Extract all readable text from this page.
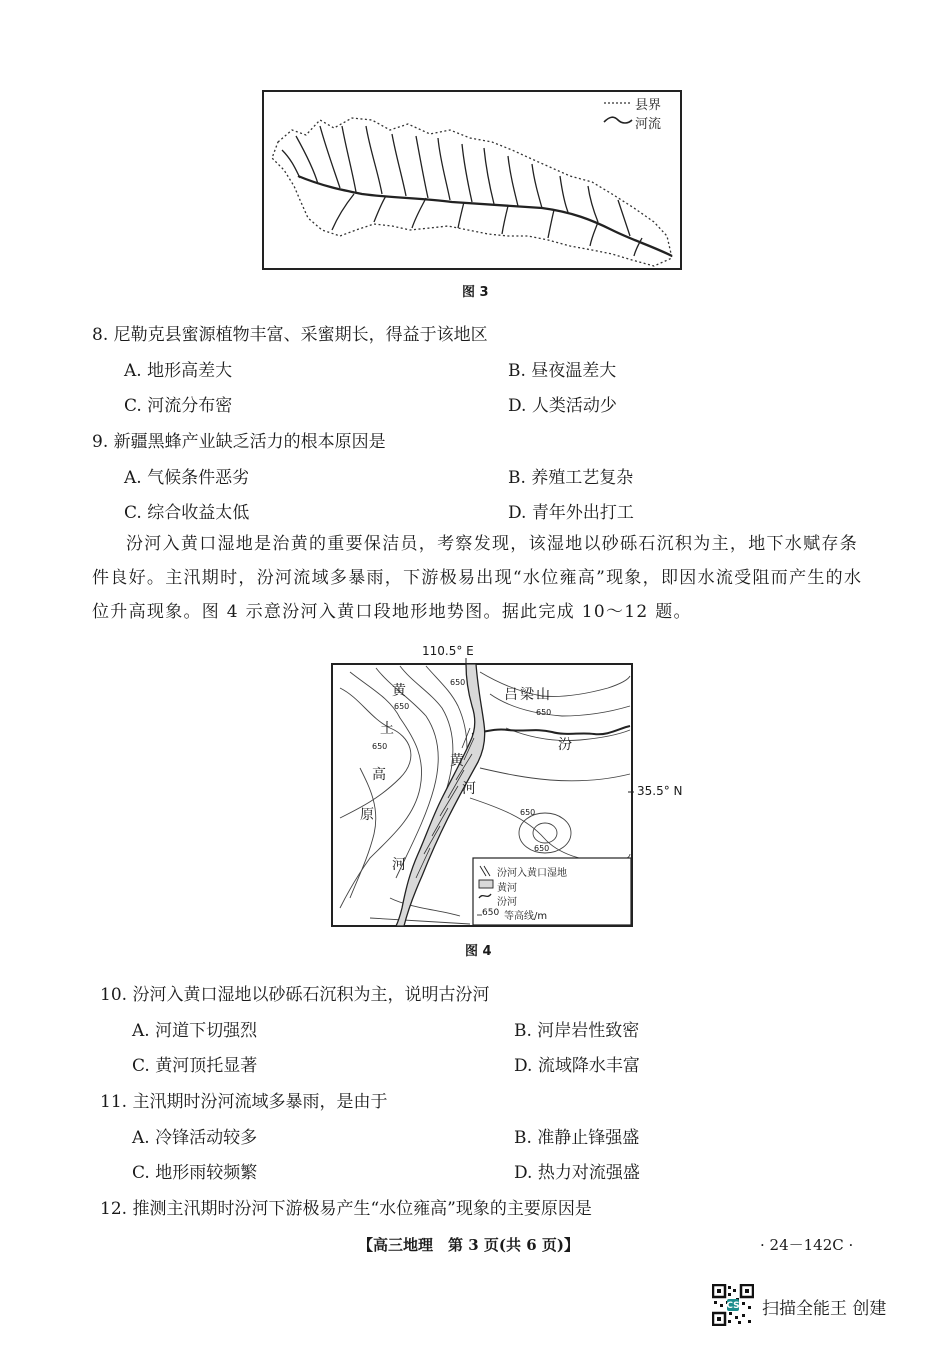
县界
河流
图 3
8. 尼勒克县蜜源植物丰富、采蜜期长，得益于该地区
A. 地形高差大	B. 昼夜温差大
C. 河流分布密	D. 人类活动少
9. 新疆黑蜂产业缺乏活力的根本原因是
A. 气候条件恶劣	B. 养殖工艺复杂
C. 综合收益太低	D. 青年外出打工

汾河入黄口湿地是治黄的重要保洁员，考察发现，该湿地以砂砾石沉积为主，地下水赋存条

件良好。主汛期时，汾河流域多暴雨，下游极易出现“水位雍高”现象，即因水流受阻而产生的水

位升高现象。图 4 示意汾河入黄口段地形地势图。据此完成 10～12 题。

110.5° E
35.5° N
黄
土
高
原
吕梁山
黄
河
汾
河
650
650
650
650
650
650
汾河入黄口湿地
黄河
汾河
650 等高线/m
图 4
10. 汾河入黄口湿地以砂砾石沉积为主，说明古汾河
A. 河道下切强烈	B. 河岸岩性致密
C. 黄河顶托显著	D. 流域降水丰富
11. 主汛期时汾河流域多暴雨，是由于
A. 冷锋活动较多	B. 准静止锋强盛
C. 地形雨较频繁	D. 热力对流强盛
12. 推测主汛期时汾河下游极易产生“水位雍高”现象的主要原因是
【高三地理　第 3 页(共 6 页)】	· 24－142C ·
CS 扫描全能王 创建
